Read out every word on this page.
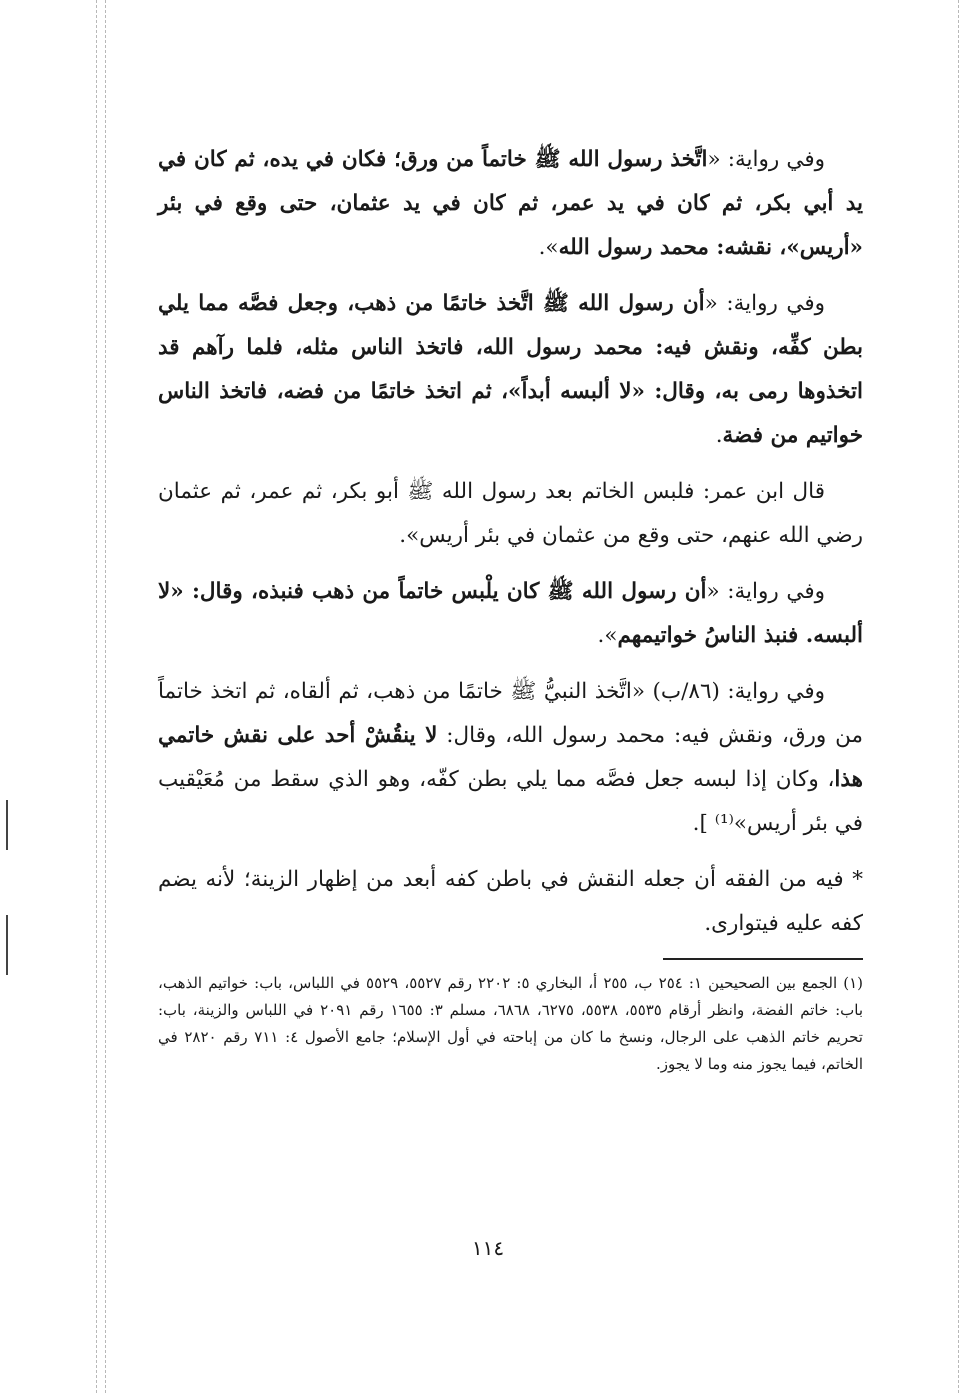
وفي رواية: «اتَّخذ رسول الله ﷺ خاتماً من ورق؛ فكان في يده، ثم كان في يد أبي بكر، ثم كان في يد عمر، ثم كان في يد عثمان، حتى وقع في بئر «أريس»، نقشه: محمد رسول الله».

وفي رواية: «أن رسول الله ﷺ اتَّخذ خاتمًا من ذهب، وجعل فصَّه مما يلي بطن كفِّه، ونقش فيه: محمد رسول الله، فاتخذ الناس مثله، فلما رآهم قد اتخذوها رمى به، وقال: «لا ألبسه أبداً»، ثم اتخذ خاتمًا من فضه، فاتخذ الناس خواتيم من فضة.

قال ابن عمر: فلبس الخاتم بعد رسول الله ﷺ أبو بكر، ثم عمر، ثم عثمان رضي الله عنهم، حتى وقع من عثمان في بئر أريس».

وفي رواية: «أن رسول الله ﷺ كان يلْبس خاتماً من ذهب فنبذه، وقال: «لا ألبسه. فنبذ الناسُ خواتيمهم».

وفي رواية: (٨٦/ب) «اتَّخذ النبيُّ ﷺ خاتمًا من ذهب، ثم ألقاه، ثم اتخذ خاتماً من ورق، ونقش فيه: محمد رسول الله، وقال: لا ينقُشْ أحد على نقش خاتمي هذا، وكان إذا لبسه جعل فصَّه مما يلي بطن كفّه، وهو الذي سقط من مُعَيْقيب في بئر أريس»⁽¹⁾ ].

* فيه من الفقه أن جعله النقش في باطن كفه أبعد من إظهار الزينة؛ لأنه يضم كفه عليه فيتوارى.

(١) الجمع بين الصحيحين ١: ٢٥٤ ب، ٢٥٥ أ، البخاري ٥: ٢٢٠٢ رقم ٥٥٢٧، ٥٥٢٩ في اللباس، باب: خواتيم الذهب، باب: خاتم الفضة، وانظر أرقام ٥٥٣٥، ٥٥٣٨، ٦٢٧٥، ٦٨٦٨، مسلم ٣: ١٦٥٥ رقم ٢٠٩١ في اللباس والزينة، باب: تحريم خاتم الذهب على الرجال، ونسخ ما كان من إباحته في أول الإسلام؛ جامع الأصول ٤: ٧١١ رقم ٢٨٢٠ في الخاتم، فيما يجوز منه وما لا يجوز.

١١٤
